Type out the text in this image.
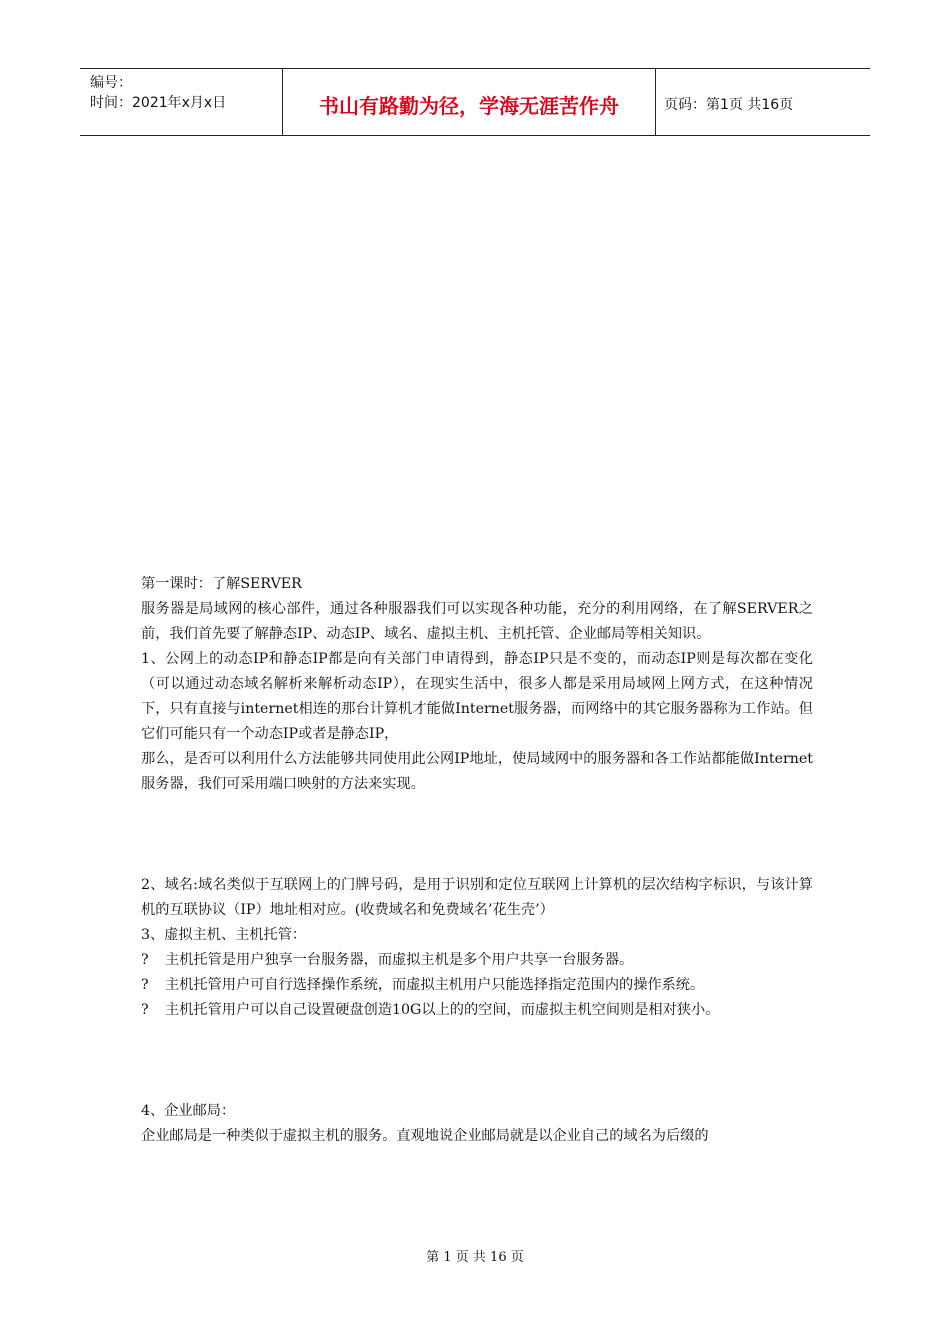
编号：
时间：2021年x月x日	书山有路勤为径，学海无涯苦作舟	页码：第1页 共16页

第一课时：了解SERVER

服务器是局域网的核心部件，通过各种服器我们可以实现各种功能，充分的利用网络，在了解SERVER之前，我们首先要了解静态IP、动态IP、域名、虚拟主机、主机托管、企业邮局等相关知识。

1、公网上的动态IP和静态IP都是向有关部门申请得到，静态IP只是不变的，而动态IP则是每次都在变化（可以通过动态域名解析来解析动态IP），在现实生活中，很多人都是采用局域网上网方式，在这种情况下，只有直接与internet相连的那台计算机才能做Internet服务器，而网络中的其它服务器称为工作站。但它们可能只有一个动态IP或者是静态IP，

那么，是否可以利用什么方法能够共同使用此公网IP地址，使局域网中的服务器和各工作站都能做Internet服务器，我们可采用端口映射的方法来实现。

2、域名:域名类似于互联网上的门牌号码，是用于识别和定位互联网上计算机的层次结构字标识，与该计算机的互联协议（IP）地址相对应。(收费域名和免费域名’花生壳’）

3、虚拟主机、主机托管：

?	主机托管是用户独享一台服务器，而虚拟主机是多个用户共享一台服务器。
?	主机托管用户可自行选择操作系统，而虚拟主机用户只能选择指定范围内的操作系统。
?	主机托管用户可以自己设置硬盘创造10G以上的的空间，而虚拟主机空间则是相对狭小。

4、企业邮局：

企业邮局是一种类似于虚拟主机的服务。直观地说企业邮局就是以企业自己的域名为后缀的

第 1 页 共 16 页
